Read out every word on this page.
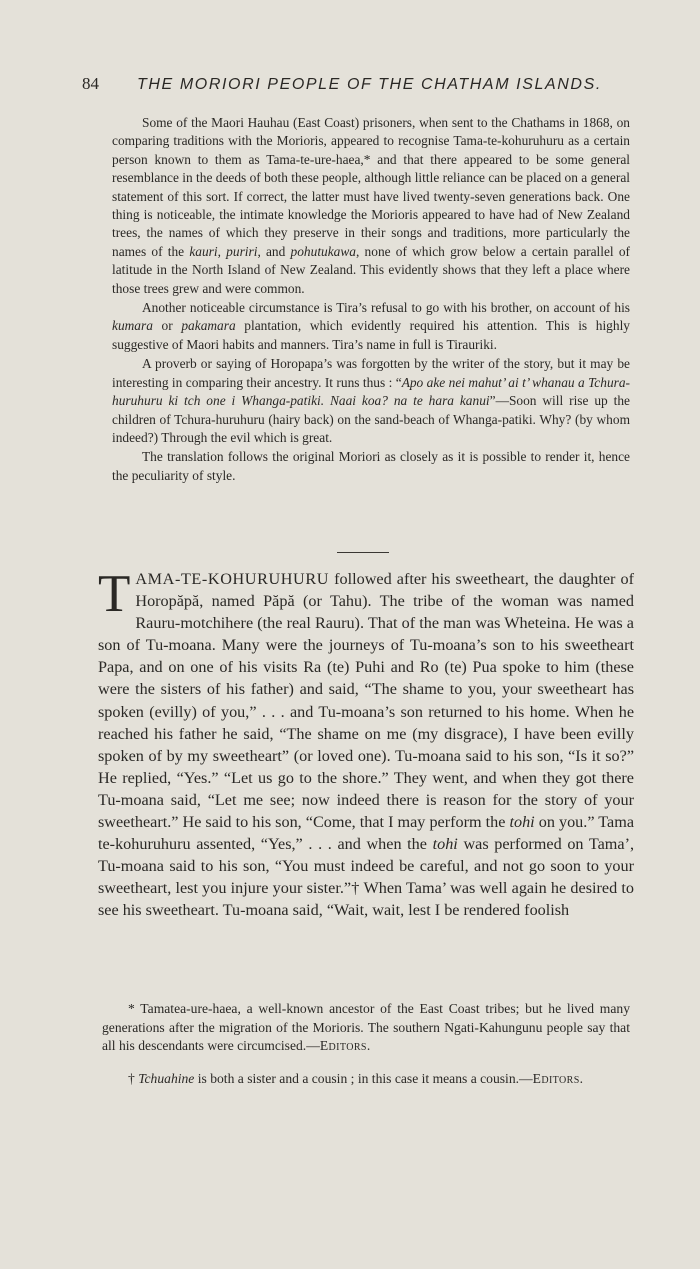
84 THE MORIORI PEOPLE OF THE CHATHAM ISLANDS.

Some of the Maori Hauhau (East Coast) prisoners, when sent to the Chathams in 1868, on comparing traditions with the Morioris, appeared to recognise Tama-te-kohuruhuru as a certain person known to them as Tama-te-ure-haea,* and that there appeared to be some general resemblance in the deeds of both these people, although little reliance can be placed on a general statement of this sort. If correct, the latter must have lived twenty-seven generations back. One thing is noticeable, the intimate knowledge the Morioris appeared to have had of New Zealand trees, the names of which they preserve in their songs and traditions, more particularly the names of the kauri, puriri, and pohutukawa, none of which grow below a certain parallel of latitude in the North Island of New Zealand. This evidently shows that they left a place where those trees grew and were common.

Another noticeable circumstance is Tira’s refusal to go with his brother, on account of his kumara or pakamara plantation, which evidently required his attention. This is highly suggestive of Maori habits and manners. Tira’s name in full is Tirauriki.

A proverb or saying of Horopapa’s was forgotten by the writer of the story, but it may be interesting in comparing their ancestry. It runs thus : “Apo ake nei mahut’ ai t’ whanau a Tchura-huruhuru ki tch one i Whanga-patiki. Naai koa? na te hara kanui”—Soon will rise up the children of Tchura-huruhuru (hairy back) on the sand-beach of Whanga-patiki. Why? (by whom indeed?) Through the evil which is great.

The translation follows the original Moriori as closely as it is possible to render it, hence the peculiarity of style.

TAMA-TE-KOHURUHURU followed after his sweetheart, the daughter of Horopăpă, named Păpă (or Tahu). The tribe of the woman was named Rauru-motchihere (the real Rauru). That of the man was Wheteina. He was a son of Tu-moana. Many were the journeys of Tu-moana’s son to his sweetheart Papa, and on one of his visits Ra (te) Puhi and Ro (te) Pua spoke to him (these were the sisters of his father) and said, “The shame to you, your sweetheart has spoken (evilly) of you,” . . . and Tu-moana’s son returned to his home. When he reached his father he said, “The shame on me (my disgrace), I have been evilly spoken of by my sweetheart” (or loved one). Tu-moana said to his son, “Is it so?” He replied, “Yes.” “Let us go to the shore.” They went, and when they got there Tu-moana said, “Let me see; now indeed there is reason for the story of your sweetheart.” He said to his son, “Come, that I may perform the tohi on you.” Tama te-kohuruhuru assented, “Yes,” . . . and when the tohi was performed on Tama’, Tu-moana said to his son, “You must indeed be careful, and not go soon to your sweetheart, lest you injure your sister.”† When Tama’ was well again he desired to see his sweetheart. Tu-moana said, “Wait, wait, lest I be rendered foolish

* Tamatea-ure-haea, a well-known ancestor of the East Coast tribes; but he lived many generations after the migration of the Morioris. The southern Ngati-Kahungunu people say that all his descendants were circumcised.—Editors.

† Tchuahine is both a sister and a cousin ; in this case it means a cousin.—Editors.
